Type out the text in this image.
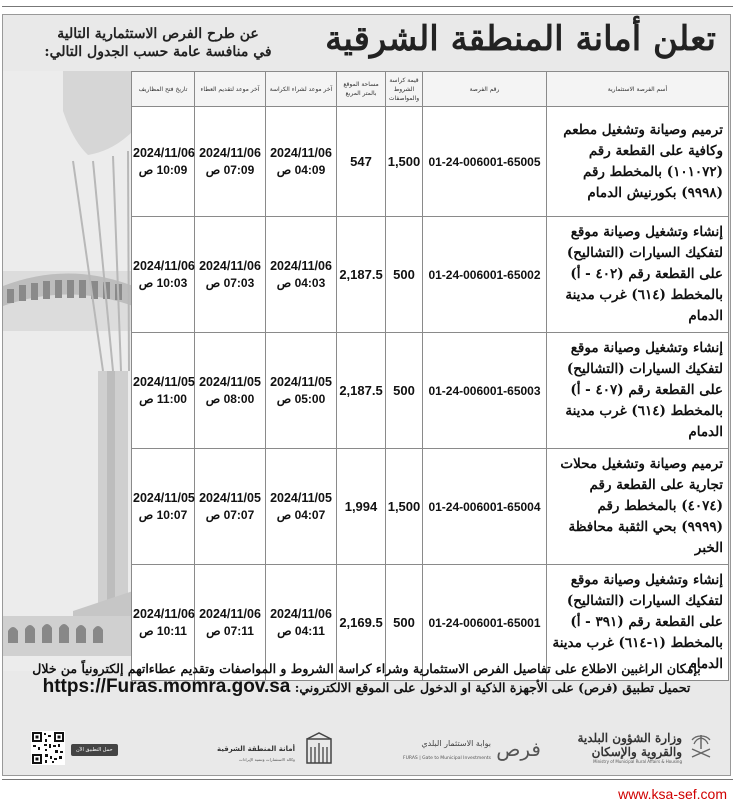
تعلن أمانة المنطقة الشرقية
عن طرح الفرص الاستثمارية التالية
في منافسة عامة حسب الجدول التالي:
تاريخ فتح المظاريف	آخر موعد لتقديم العطاء	آخر موعد لشراء الكراسة	مساحة الموقع بالمتر المربع	قيمة كراسة الشروط والمواصفات	رقم الفرصة	أسم الفرصة الاستثمارية

2024/11/06
10:09 ص	2024/11/06
07:09 ص	2024/11/06
04:09 ص	547	1,500	01-24-006001-65005	ترميم وصيانة وتشغيل مطعم وكافية على القطعة رقم (١٠١٠٧٢) بالمخطط رقم (٩٩٩٨) بكورنيش الدمام

2024/11/06
10:03 ص	2024/11/06
07:03 ص	2024/11/06
04:03 ص	2,187.5	500	01-24-006001-65002	إنشاء وتشغيل وصيانة موقع لتفكيك السيارات (التشاليح) على القطعة رقم (٤٠٢ - أ) بالمخطط (٦١٤) غرب مدينة الدمام

2024/11/05
11:00 ص	2024/11/05
08:00 ص	2024/11/05
05:00 ص	2,187.5	500	01-24-006001-65003	إنشاء وتشغيل وصيانة موقع لتفكيك السيارات (التشاليح) على القطعة رقم (٤٠٧ - أ) بالمخطط (٦١٤) غرب مدينة الدمام

2024/11/05
10:07 ص	2024/11/05
07:07 ص	2024/11/05
04:07 ص	1,994	1,500	01-24-006001-65004	ترميم وصيانة وتشغيل محلات تجارية على القطعة رقم (٤٠٧٤) بالمخطط رقم (٩٩٩٩) بحي الثقبة محافظة الخبر

2024/11/06
10:11 ص	2024/11/06
07:11 ص	2024/11/06
04:11 ص	2,169.5	500	01-24-006001-65001	إنشاء وتشغيل وصيانة موقع لتفكيك السيارات (التشاليح) على القطعة رقم (٣٩١ - أ) بالمخطط (١-٦١٤) غرب مدينة الدمام
بإمكان الراغبين الاطلاع على تفاصيل الفرص الاستثمارية وشراء كراسة الشروط و المواصفات وتقديم عطاءاتهم إلكترونياً من خلال
تحميل تطبيق (فرص) على الأجهزة الذكية او الدخول على الموقع الالكتروني: https://Furas.momra.gov.sa
وزارة الشؤون البلدية
والقروية والإسكان
Ministry of Municipal Rural Affairs & Housing
فرص
بوابة الاستثمار البلدي
FURAS | Gate to Municipal Investments
أمانة المنطقة الشرقية
وكالة الاستثمارات وتنمية الإيرادات
حمل التطبيق الآن
www.ksa-sef.com
